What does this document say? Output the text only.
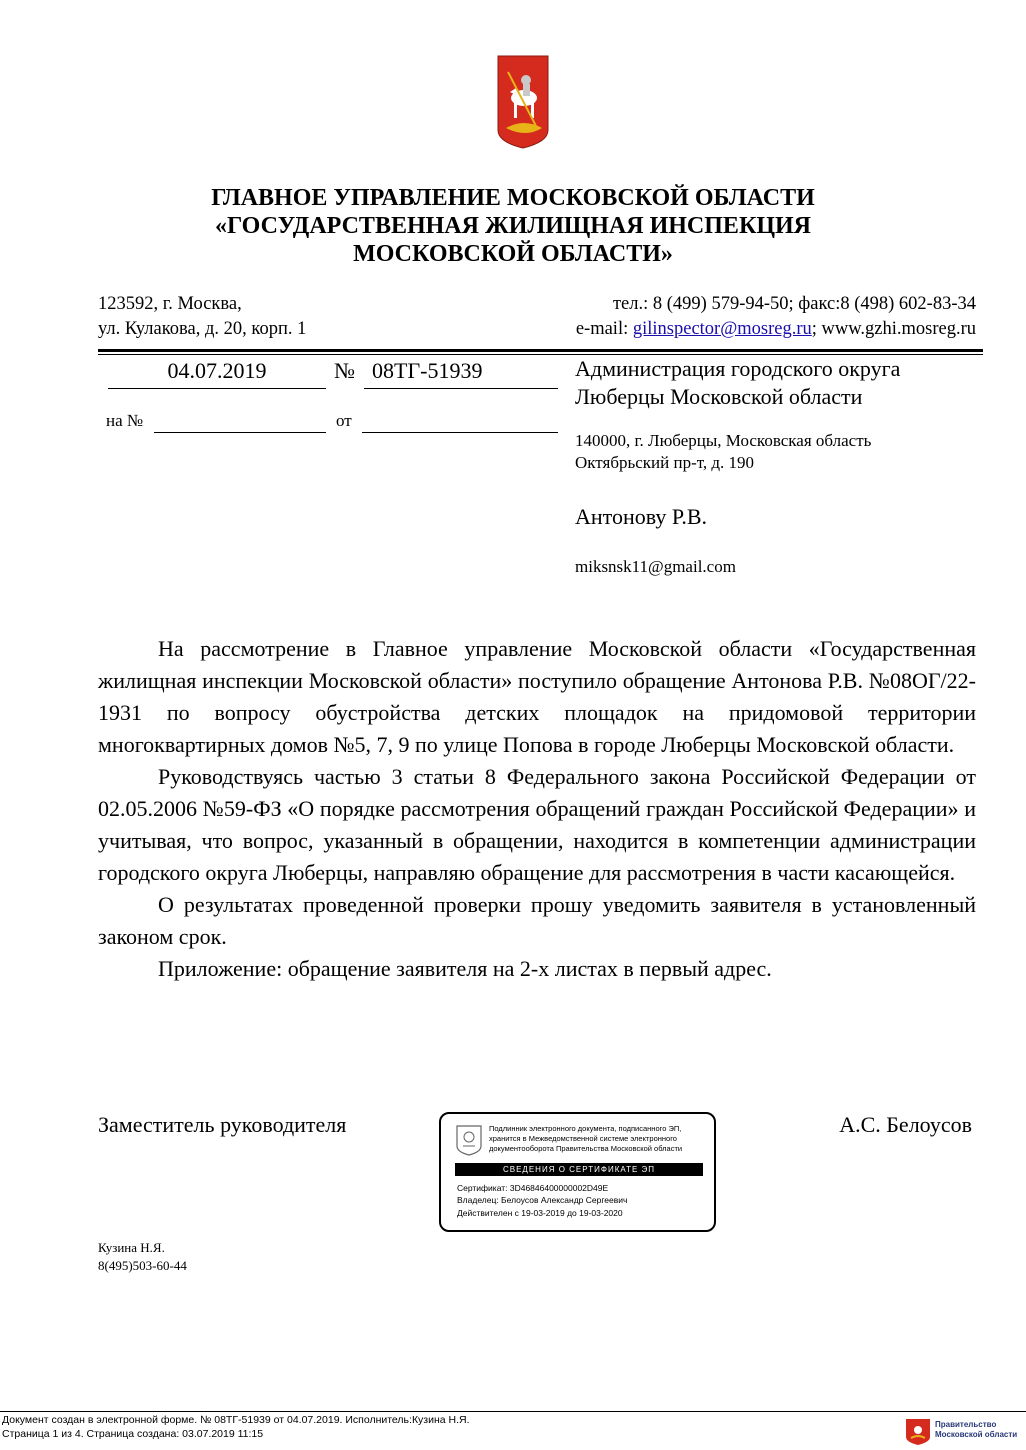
ГЛАВНОЕ УПРАВЛЕНИЕ МОСКОВСКОЙ ОБЛАСТИ
«ГОСУДАРСТВЕННАЯ ЖИЛИЩНАЯ ИНСПЕКЦИЯ
МОСКОВСКОЙ ОБЛАСТИ»
123592, г. Москва,
ул. Кулакова, д. 20, корп. 1
тел.: 8 (499) 579-94-50; факс:8 (498) 602-83-34
e-mail: gilinspector@mosreg.ru; www.gzhi.mosreg.ru
04.07.2019	№ 08ТГ-51939
на №	от
Администрация городского округа
Люберцы Московской области
140000, г. Люберцы, Московская область
Октябрьский пр-т, д. 190
Антонову Р.В.
miksnsk11@gmail.com

На рассмотрение в Главное управление Московской области «Государственная жилищная инспекции Московской области» поступило обращение Антонова Р.В. №08ОГ/22-1931 по вопросу обустройства детских площадок на придомовой территории многоквартирных домов №5, 7, 9 по улице Попова в городе Люберцы Московской области.

Руководствуясь частью 3 статьи 8 Федерального закона Российской Федерации от 02.05.2006 №59-ФЗ «О порядке рассмотрения обращений граждан Российской Федерации» и учитывая, что вопрос, указанный в обращении, находится в компетенции администрации городского округа Люберцы, направляю обращение для рассмотрения в части касающейся.

О результатах проведенной проверки прошу уведомить заявителя в установленный законом срок.

Приложение: обращение заявителя на 2-х листах в первый адрес.

Заместитель руководителя	А.С. Белоусов
Подлинник электронного документа, подписанного ЭП,
хранится в Межведомственной системе электронного
документооборота Правительства Московской области
СВЕДЕНИЯ О СЕРТИФИКАТЕ ЭП
Сертификат: 3D46846400000002D49E
Владелец: Белоусов Александр Сергеевич
Действителен с 19-03-2019 до 19-03-2020
Кузина Н.Я.
8(495)503-60-44
Документ создан в электронной форме. № 08ТГ-51939 от 04.07.2019. Исполнитель:Кузина Н.Я.
Страница 1 из 4. Страница создана: 03.07.2019 11:15
Правительство
Московской области
